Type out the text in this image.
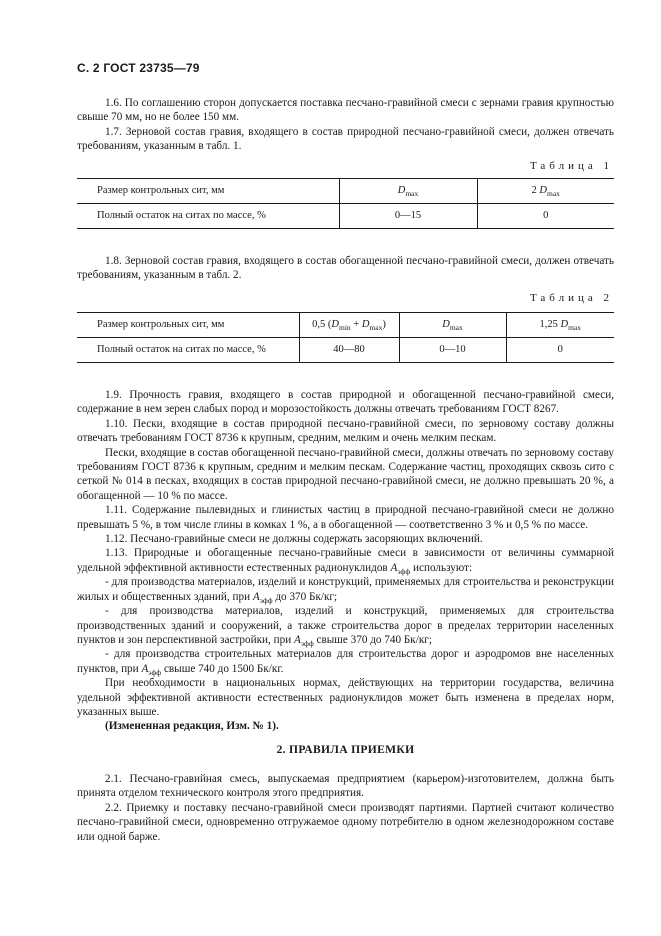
С. 2 ГОСТ 23735—79

1.6. По соглашению сторон допускается поставка песчано-гравийной смеси с зернами гравия крупностью свыше 70 мм, но не более 150 мм.

1.7. Зерновой состав гравия, входящего в состав природной песчано-гравийной смеси, должен отвечать требованиям, указанным в табл. 1.

Таблица 1
Размер контрольных сит, мм	$D_{max}$	2 $D_{max}$
Полный остаток на ситах по массе, %	0—15	0

1.8. Зерновой состав гравия, входящего в состав обогащенной песчано-гравийной смеси, должен отвечать требованиям, указанным в табл. 2.

Таблица 2
Размер контрольных сит, мм	0,5 $(D_{min} + D_{max})$	$D_{max}$	1,25 $D_{max}$
Полный остаток на ситах по массе, %	40—80	0—10	0

1.9. Прочность гравия, входящего в состав природной и обогащенной песчано-гравийной смеси, содержание в нем зерен слабых пород и морозостойкость должны отвечать требованиям ГОСТ 8267.

1.10. Пески, входящие в состав природной песчано-гравийной смеси, по зерновому составу должны отвечать требованиям ГОСТ 8736 к крупным, средним, мелким и очень мелким пескам.

Пески, входящие в состав обогащенной песчано-гравийной смеси, должны отвечать по зерновому составу требованиям ГОСТ 8736 к крупным, средним и мелким пескам. Содержание частиц, проходящих сквозь сито с сеткой № 014 в песках, входящих в состав природной песчано-гравийной смеси, не должно превышать 20 %, а обогащенной — 10 % по массе.

1.11. Содержание пылевидных и глинистых частиц в природной песчано-гравийной смеси не должно превышать 5 %, в том числе глины в комках 1 %, а в обогащенной — соответственно 3 % и 0,5 % по массе.

1.12. Песчано-гравийные смеси не должны содержать засоряющих включений.

1.13. Природные и обогащенные песчано-гравийные смеси в зависимости от величины суммарной удельной эффективной активности естественных радионуклидов $A_{эфф}$ используют:

- для производства материалов, изделий и конструкций, применяемых для строительства и реконструкции жилых и общественных зданий, при $A_{эфф}$ до 370 Бк/кг;

- для производства материалов, изделий и конструкций, применяемых для строительства производственных зданий и сооружений, а также строительства дорог в пределах территории населенных пунктов и зон перспективной застройки, при $A_{эфф}$ свыше 370 до 740 Бк/кг;

- для производства строительных материалов для строительства дорог и аэродромов вне населенных пунктов, при $A_{эфф}$ свыше 740 до 1500 Бк/кг.

При необходимости в национальных нормах, действующих на территории государства, величина удельной эффективной активности естественных радионуклидов может быть изменена в пределах норм, указанных выше.

(Измененная редакция, Изм. № 1).

2. ПРАВИЛА ПРИЕМКИ

2.1. Песчано-гравийная смесь, выпускаемая предприятием (карьером)-изготовителем, должна быть принята отделом технического контроля этого предприятия.

2.2. Приемку и поставку песчано-гравийной смеси производят партиями. Партией считают количество песчано-гравийной смеси, одновременно отгружаемое одному потребителю в одном железнодорожном составе или одной барже.
